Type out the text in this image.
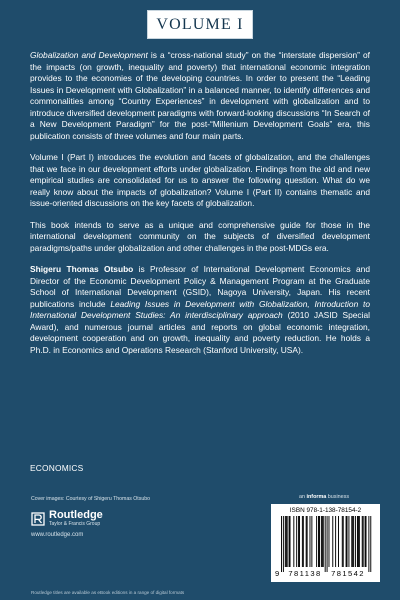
VOLUME I

Globalization and Development is a “cross-national study” on the “interstate dispersion” of the impacts (on growth, inequality and poverty) that international economic integration provides to the economies of the developing countries. In order to present the “Leading Issues in Development with Globalization” in a balanced manner, to identify differences and commonalities among “Country Experiences” in development with globalization and to introduce diversified development paradigms with forward-looking discussions “In Search of a New Development Paradigm” for the post-“Millenium Development Goals” era, this publication consists of three volumes and four main parts.

Volume I (Part I) introduces the evolution and facets of globalization, and the challenges that we face in our development efforts under globalization. Findings from the old and new empirical studies are consolidated for us to answer the following question. What do we really know about the impacts of globalization? Volume I (Part II) contains thematic and issue-oriented discussions on the key facets of globalization.

This book intends to serve as a unique and comprehensive guide for those in the international development community on the subjects of diversified development paradigms/paths under globalization and other challenges in the post-MDGs era.

Shigeru Thomas Otsubo is Professor of International Development Economics and Director of the Economic Development Policy & Management Program at the Graduate School of International Development (GSID), Nagoya University, Japan. His recent publications include Leading Issues in Development with Globalization, Introduction to International Development Studies: An interdisciplinary approach (2010 JASID Special Award), and numerous journal articles and reports on global economic integration, development cooperation and on growth, inequality and poverty reduction. He holds a Ph.D. in Economics and Operations Research (Stanford University, USA).

ECONOMICS
Cover images: Courtesy of Shigeru Thomas Otsubo
Routledge
Taylor & Francis Group
www.routledge.com
an informa business
ISBN 978-1-138-78154-2
9 781138 781542
Routledge titles are available as eBook editions in a range of digital formats
